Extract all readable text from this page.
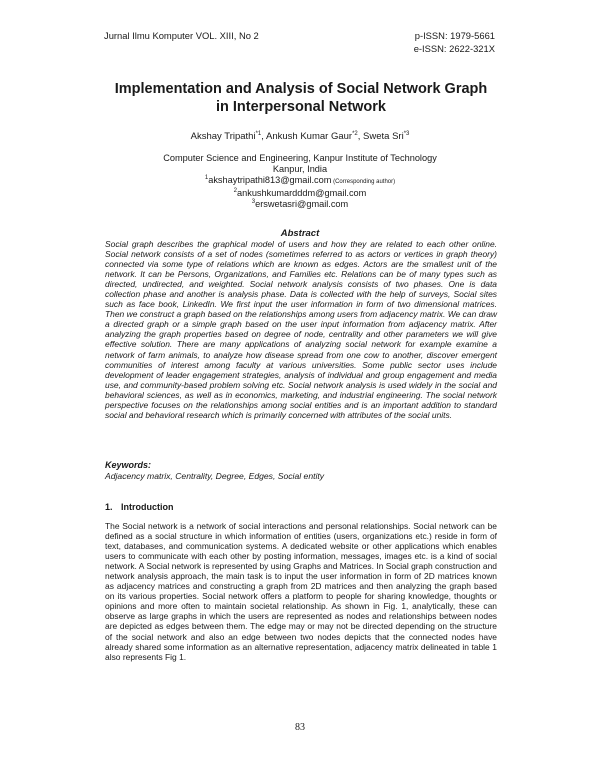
Jurnal Ilmu Komputer VOL. XIII, No 2	p-ISSN: 1979-5661
e-ISSN: 2622-321X
Implementation and Analysis of Social Network Graph
in Interpersonal Network
Akshay Tripathi$^{*1}$, Ankush Kumar Gaur$^{*2}$, Sweta Sri$^{*3}$
Computer Science and Engineering, Kanpur Institute of Technology
Kanpur, India
$^1$akshaytripathi813@gmail.com (Corresponding author)
$^2$ankushkumardddm@gmail.com
$^3$erswetasri@gmail.com
Abstract

Social graph describes the graphical model of users and how they are related to each other online. Social network consists of a set of nodes (sometimes referred to as actors or vertices in graph theory) connected via some type of relations which are known as edges. Actors are the smallest unit of the network. It can be Persons, Organizations, and Families etc. Relations can be of many types such as directed, undirected, and weighted. Social network analysis consists of two phases. One is data collection phase and another is analysis phase. Data is collected with the help of surveys, Social sites such as face book, LinkedIn. We first input the user information in form of two dimensional matrices. Then we construct a graph based on the relationships among users from adjacency matrix. We can draw a directed graph or a simple graph based on the user input information from adjacency matrix. After analyzing the graph properties based on degree of node, centrality and other parameters we will give effective solution. There are many applications of analyzing social network for example examine a network of farm animals, to analyze how disease spread from one cow to another, discover emergent communities of interest among faculty at various universities. Some public sector uses include development of leader engagement strategies, analysis of individual and group engagement and media use, and community-based problem solving etc. Social network analysis is used widely in the social and behavioral sciences, as well as in economics, marketing, and industrial engineering. The social network perspective focuses on the relationships among social entities and is an important addition to standard social and behavioral research which is primarily concerned with attributes of the social units.

Keywords:
Adjacency matrix, Centrality, Degree, Edges, Social entity
1. Introduction

The Social network is a network of social interactions and personal relationships. Social network can be defined as a social structure in which information of entities (users, organizations etc.) reside in form of text, databases, and communication systems. A dedicated website or other applications which enables users to communicate with each other by posting information, messages, images etc. is a kind of social network. A Social network is represented by using Graphs and Matrices. In Social graph construction and network analysis approach, the main task is to input the user information in form of 2D matrices known as adjacency matrices and constructing a graph from 2D matrices and then analyzing the graph based on its various properties. Social network offers a platform to people for sharing knowledge, thoughts or opinions and more often to maintain societal relationship. As shown in Fig. 1, analytically, these can observe as large graphs in which the users are represented as nodes and relationships between nodes are depicted as edges between them. The edge may or may not be directed depending on the structure of the social network and also an edge between two nodes depicts that the connected nodes have already shared some information as an alternative representation, adjacency matrix delineated in table 1 also represents Fig 1.

83
